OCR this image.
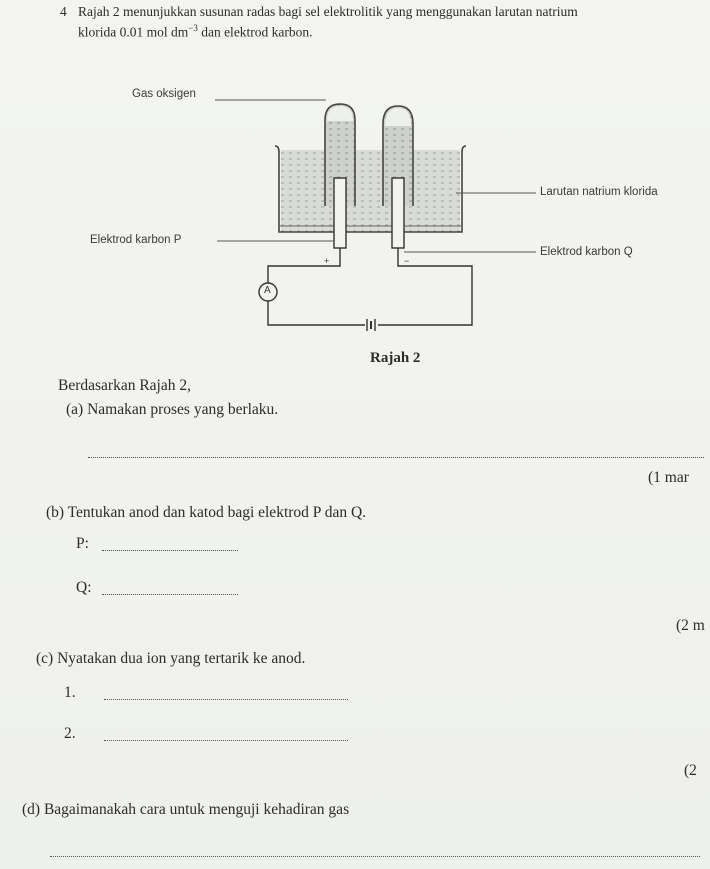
4 Rajah 2 menunjukkan susunan radas bagi sel elektrolitik yang menggunakan larutan natrium
klorida 0.01 mol $dm^{-3}$ dan elektrod karbon.
Gas oksigen
Larutan natrium klorida
Elektrod karbon P
Elektrod karbon Q
A
+	−
Rajah 2
Berdasarkan Rajah 2,
(a) Namakan proses yang berlaku.
(1 mar
(b) Tentukan anod dan katod bagi elektrod P dan Q.
P:
Q:
(2 m
(c) Nyatakan dua ion yang tertarik ke anod.
1.
2.
(2
(d) Bagaimanakah cara untuk menguji kehadiran gas
